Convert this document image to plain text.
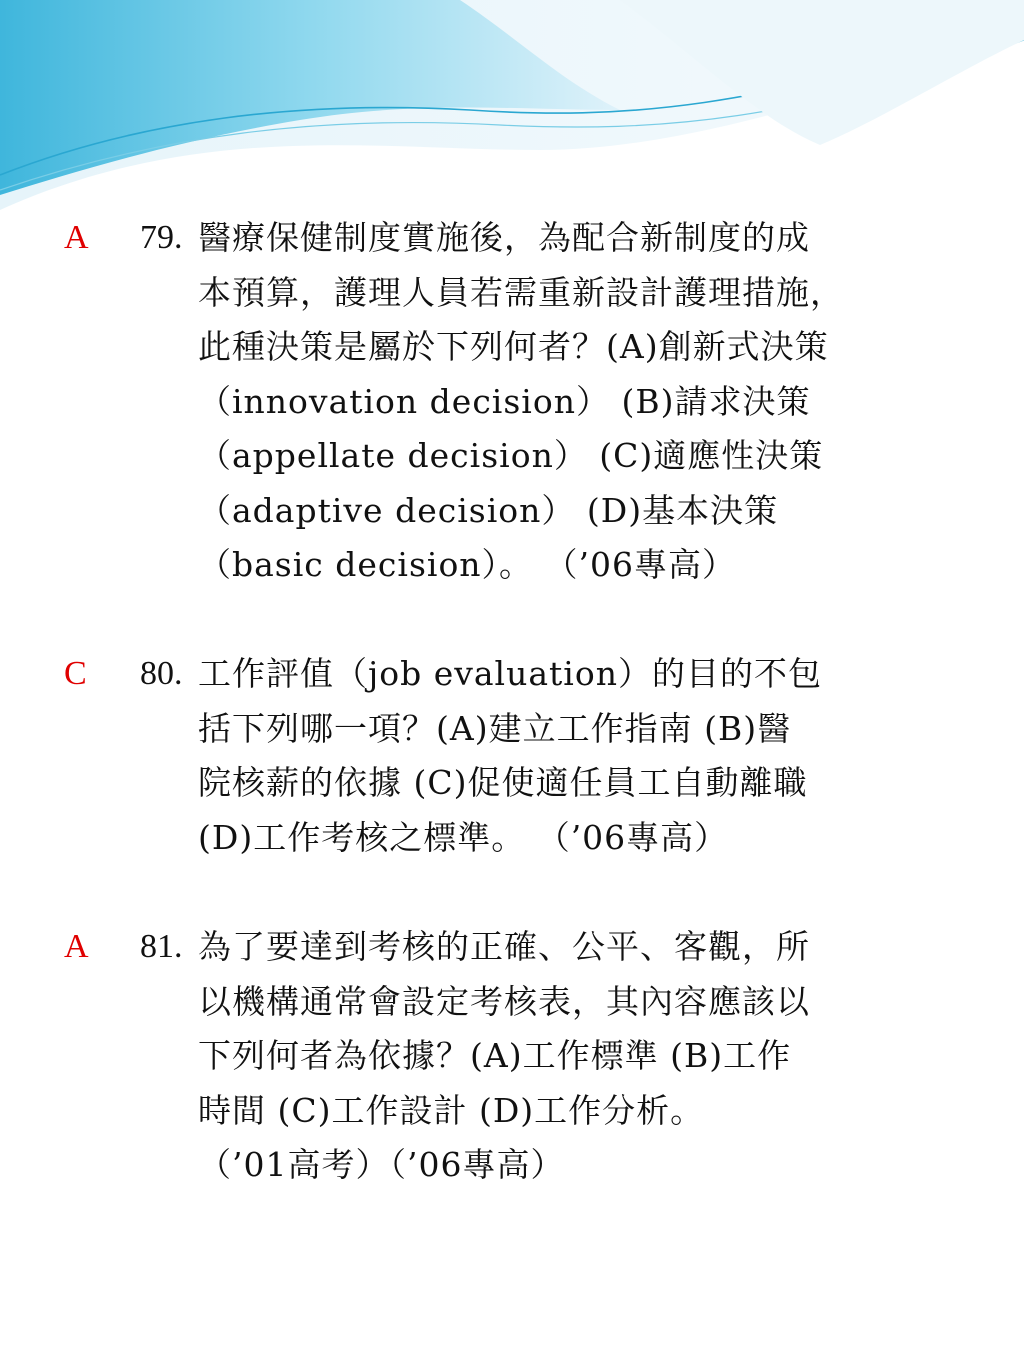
A 79. 醫療保健制度實施後，為配合新制度的成
本預算，護理人員若需重新設計護理措施，
此種決策是屬於下列何者？(A)創新式決策
（innovation decision） (B)請求決策
（appellate decision） (C)適應性決策
（adaptive decision） (D)基本決策
（basic decision）。 （’06專高）
C 80. 工作評值（job evaluation）的目的不包
括下列哪一項？(A)建立工作指南 (B)醫
院核薪的依據 (C)促使適任員工自動離職
(D)工作考核之標準。 （’06專高）
A 81. 為了要達到考核的正確、公平、客觀，所
以機構通常會設定考核表，其內容應該以
下列何者為依據？(A)工作標準 (B)工作
時間 (C)工作設計 (D)工作分析。
（’01高考）（’06專高）
